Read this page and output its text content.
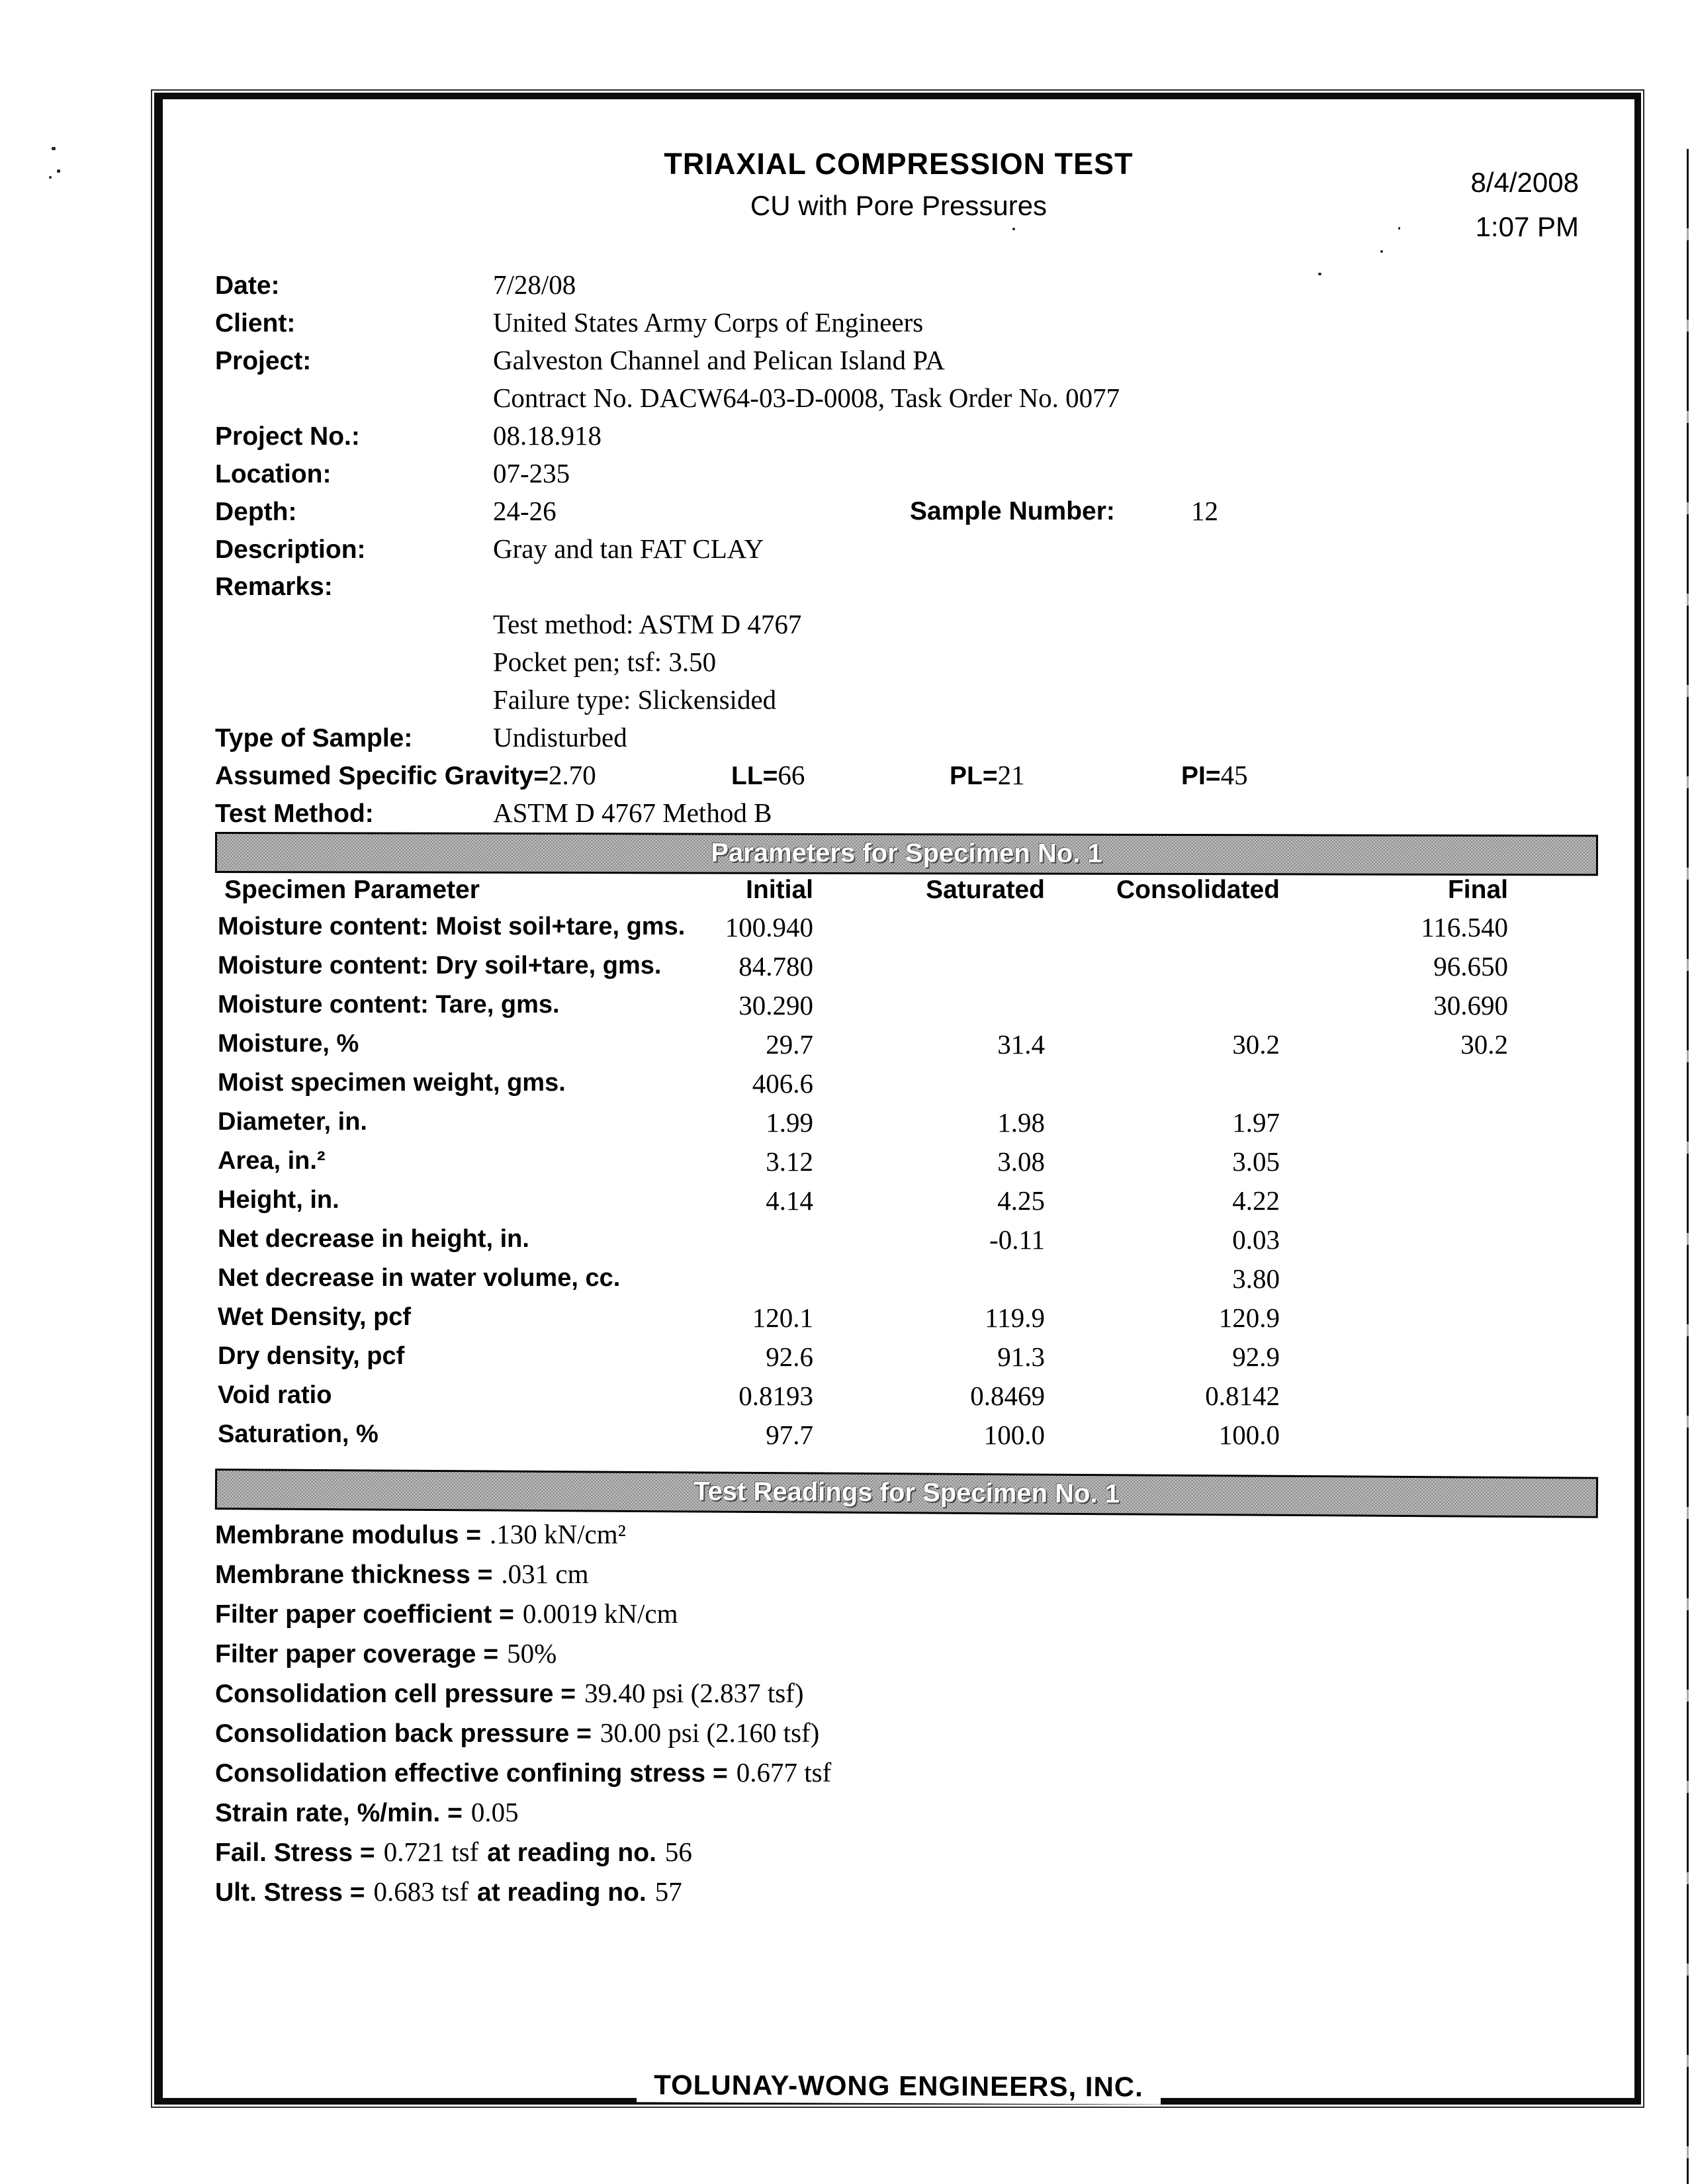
8/4/2008
1:07 PM
TRIAXIAL COMPRESSION TEST
CU with Pore Pressures
Date:	7/28/08
Client:	United States Army Corps of Engineers
Project:	Galveston Channel and Pelican Island PA
Contract No. DACW64-03-D-0008, Task Order No. 0077
Project No.:	08.18.918
Location:	07-235
Depth:	24-26	Sample Number:	12
Description:	Gray and tan FAT CLAY
Remarks:
Test method: ASTM D 4767
Pocket pen; tsf: 3.50
Failure type: Slickensided
Type of Sample:	Undisturbed
Assumed Specific Gravity=2.70	LL=66	PL=21	PI=45
Test Method:	ASTM D 4767 Method B
Parameters for Specimen No. 1
Specimen Parameter	Initial	Saturated	Consolidated	Final
Moisture content: Moist soil+tare, gms.	100.940			116.540
Moisture content: Dry soil+tare, gms.	84.780			96.650
Moisture content: Tare, gms.	30.290			30.690
Moisture, %	29.7	31.4	30.2	30.2
Moist specimen weight, gms.	406.6			
Diameter, in.	1.99	1.98	1.97	
Area, in.²	3.12	3.08	3.05	
Height, in.	4.14	4.25	4.22	
Net decrease in height, in.		-0.11	0.03	
Net decrease in water volume, cc.			3.80	
Wet Density, pcf	120.1	119.9	120.9	
Dry density, pcf	92.6	91.3	92.9	
Void ratio	0.8193	0.8469	0.8142	
Saturation, %	97.7	100.0	100.0	
Test Readings for Specimen No. 1
Membrane modulus = .130 kN/cm²
Membrane thickness = .031 cm
Filter paper coefficient = 0.0019 kN/cm
Filter paper coverage = 50%
Consolidation cell pressure = 39.40 psi (2.837 tsf)
Consolidation back pressure = 30.00 psi (2.160 tsf)
Consolidation effective confining stress = 0.677 tsf
Strain rate, %/min. = 0.05
Fail. Stress = 0.721 tsf at reading no. 56
Ult. Stress = 0.683 tsf at reading no. 57
TOLUNAY-WONG ENGINEERS, INC.
